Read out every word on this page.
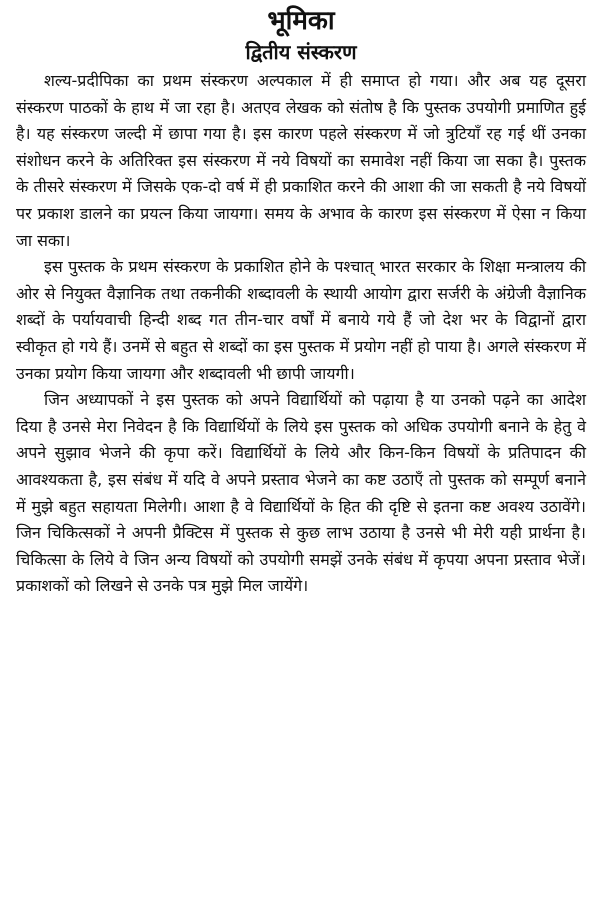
भूमिका
द्वितीय संस्करण

शल्य-प्रदीपिका का प्रथम संस्करण अल्पकाल में ही समाप्त हो गया। और अब यह दूसरा संस्करण पाठकों के हाथ में जा रहा है। अतएव लेखक को संतोष है कि पुस्तक उपयोगी प्रमाणित हुई है। यह संस्करण जल्दी में छापा गया है। इस कारण पहले संस्करण में जो त्रुटियाँ रह गई थीं उनका संशोधन करने के अतिरिक्त इस संस्करण में नये विषयों का समावेश नहीं किया जा सका है। पुस्तक के तीसरे संस्करण में जिसके एक-दो वर्ष में ही प्रकाशित करने की आशा की जा सकती है नये विषयों पर प्रकाश डालने का प्रयत्न किया जायगा। समय के अभाव के कारण इस संस्करण में ऐसा न किया जा सका।

इस पुस्तक के प्रथम संस्करण के प्रकाशित होने के पश्चात् भारत सरकार के शिक्षा मन्त्रालय की ओर से नियुक्त वैज्ञानिक तथा तकनीकी शब्दावली के स्थायी आयोग द्वारा सर्जरी के अंग्रेजी वैज्ञानिक शब्दों के पर्यायवाची हिन्दी शब्द गत तीन-चार वर्षों में बनाये गये हैं जो देश भर के विद्वानों द्वारा स्वीकृत हो गये हैं। उनमें से बहुत से शब्दों का इस पुस्तक में प्रयोग नहीं हो पाया है। अगले संस्करण में उनका प्रयोग किया जायगा और शब्दावली भी छापी जायगी।

जिन अध्यापकों ने इस पुस्तक को अपने विद्यार्थियों को पढ़ाया है या उनको पढ़ने का आदेश दिया है उनसे मेरा निवेदन है कि विद्यार्थियों के लिये इस पुस्तक को अधिक उपयोगी बनाने के हेतु वे अपने सुझाव भेजने की कृपा करें। विद्यार्थियों के लिये और किन-किन विषयों के प्रतिपादन की आवश्यकता है, इस संबंध में यदि वे अपने प्रस्ताव भेजने का कष्ट उठाएँ तो पुस्तक को सम्पूर्ण बनाने में मुझे बहुत सहायता मिलेगी। आशा है वे विद्यार्थियों के हित की दृष्टि से इतना कष्ट अवश्य उठावेंगे। जिन चिकित्सकों ने अपनी प्रैक्टिस में पुस्तक से कुछ लाभ उठाया है उनसे भी मेरी यही प्रार्थना है। चिकित्सा के लिये वे जिन अन्य विषयों को उपयोगी समझें उनके संबंध में कृपया अपना प्रस्ताव भेजें। प्रकाशकों को लिखने से उनके पत्र मुझे मिल जायेंगे।
